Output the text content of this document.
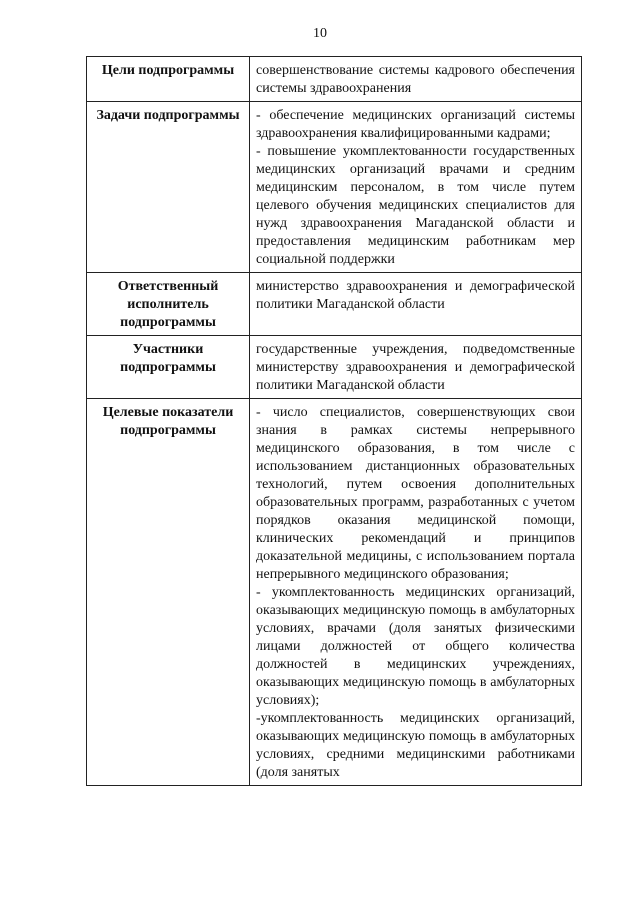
10
Цели подпрограммы	совершенствование системы кадрового обеспечения системы здравоохранения

Задачи подпрограммы	- обеспечение медицинских организаций системы здравоохранения квалифицированными кадрами;

- повышение укомплектованности государственных медицинских организаций врачами и средним медицинским персоналом, в том числе путем целевого обучения медицинских специалистов для нужд здравоохранения Магаданской области и предоставления медицинским работникам мер социальной поддержки

Ответственный исполнитель подпрограммы	министерство здравоохранения и демографической политики Магаданской области

Участники подпрограммы	государственные учреждения, подведомственные министерству здравоохранения и демографической политики Магаданской области

Целевые показатели подпрограммы	- число специалистов, совершенствующих свои знания в рамках системы непрерывного медицинского образования, в том числе с использованием дистанционных образовательных технологий, путем освоения дополнительных образовательных программ, разработанных с учетом порядков оказания медицинской помощи, клинических рекомендаций и принципов доказательной медицины, с использованием портала непрерывного медицинского образования;

- укомплектованность медицинских организаций, оказывающих медицинскую помощь в амбулаторных условиях, врачами (доля занятых физическими лицами должностей от общего количества должностей в медицинских учреждениях, оказывающих медицинскую помощь в амбулаторных условиях);

-укомплектованность медицинских организаций, оказывающих медицинскую помощь в амбулаторных условиях, средними медицинскими работниками (доля занятых
